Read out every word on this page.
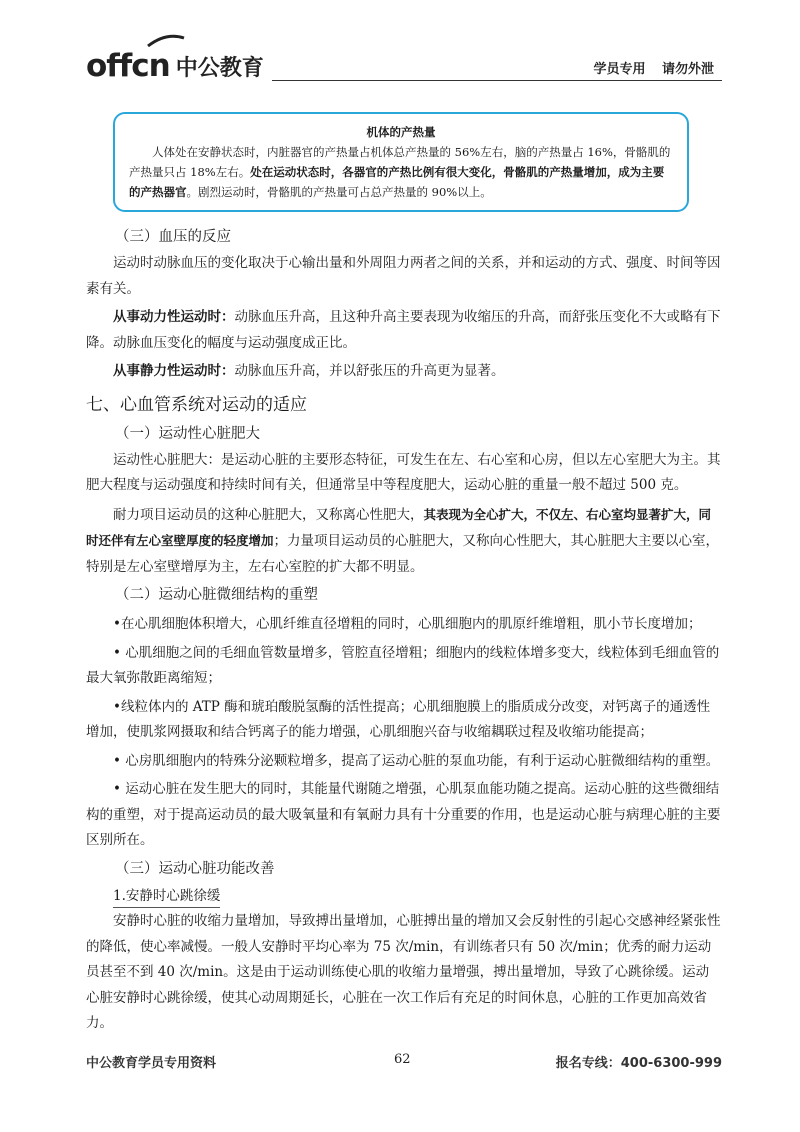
offcn 中公教育	学员专用 请勿外泄
机体的产热量

人体处在安静状态时，内脏器官的产热量占机体总产热量的 56%左右，脑的产热量占 16%，骨骼肌的产热量只占 18%左右。处在运动状态时，各器官的产热比例有很大变化，骨骼肌的产热量增加，成为主要的产热器官。剧烈运动时，骨骼肌的产热量可占总产热量的 90%以上。

（三）血压的反应

运动时动脉血压的变化取决于心输出量和外周阻力两者之间的关系，并和运动的方式、强度、时间等因素有关。

从事动力性运动时：动脉血压升高，且这种升高主要表现为收缩压的升高，而舒张压变化不大或略有下降。动脉血压变化的幅度与运动强度成正比。

从事静力性运动时：动脉血压升高，并以舒张压的升高更为显著。

七、心血管系统对运动的适应
（一）运动性心脏肥大

运动性心脏肥大：是运动心脏的主要形态特征，可发生在左、右心室和心房，但以左心室肥大为主。其肥大程度与运动强度和持续时间有关，但通常呈中等程度肥大，运动心脏的重量一般不超过 500 克。

耐力项目运动员的这种心脏肥大，又称离心性肥大，其表现为全心扩大，不仅左、右心室均显著扩大，同时还伴有左心室壁厚度的轻度增加；力量项目运动员的心脏肥大，又称向心性肥大，其心脏肥大主要以心室，特别是左心室壁增厚为主，左右心室腔的扩大都不明显。

（二）运动心脏微细结构的重塑

•在心肌细胞体积增大，心肌纤维直径增粗的同时，心肌细胞内的肌原纤维增粗，肌小节长度增加；

• 心肌细胞之间的毛细血管数量增多，管腔直径增粗；细胞内的线粒体增多变大，线粒体到毛细血管的最大氧弥散距离缩短；

•线粒体内的 ATP 酶和琥珀酸脱氢酶的活性提高；心肌细胞膜上的脂质成分改变，对钙离子的通透性增加，使肌浆网摄取和结合钙离子的能力增强，心肌细胞兴奋与收缩耦联过程及收缩功能提高；

• 心房肌细胞内的特殊分泌颗粒增多，提高了运动心脏的泵血功能，有利于运动心脏微细结构的重塑。

• 运动心脏在发生肥大的同时，其能量代谢随之增强，心肌泵血能功随之提高。运动心脏的这些微细结构的重塑，对于提高运动员的最大吸氧量和有氧耐力具有十分重要的作用，也是运动心脏与病理心脏的主要区别所在。

（三）运动心脏功能改善
1.安静时心跳徐缓

安静时心脏的收缩力量增加，导致搏出量增加，心脏搏出量的增加又会反射性的引起心交感神经紧张性的降低，使心率减慢。一般人安静时平均心率为 75 次/min，有训练者只有 50 次/min；优秀的耐力运动员甚至不到 40 次/min。这是由于运动训练使心肌的收缩力量增强，搏出量增加，导致了心跳徐缓。运动心脏安静时心跳徐缓，使其心动周期延长，心脏在一次工作后有充足的时间休息，心脏的工作更加高效省力。

中公教育学员专用资料	62	报名专线：400-6300-999
